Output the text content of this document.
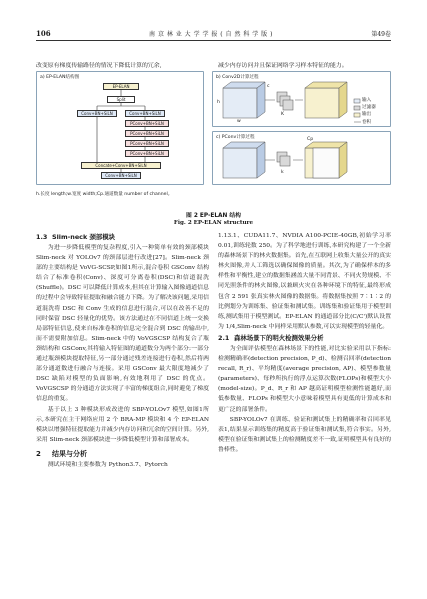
106	南 京 林 业 大 学 学 报 ( 自 然 科 学 版 )	第49卷
改变原有梯度传输路径的情况下降低计算的冗余,	减少内存访问并且保证网络学习样本特征的能力。
a) EP-ELAN结构图
EP-ELAN
Split
Conv+BN+SiLN	Conv+BN+SiLN
PConv+BN+SiLN
PConv+BN+SiLN
PConv+BN+SiLN
PConv+BN+SiLN
Concate+Conv+BN+SiLN
Conv+BN+SiLN
b) Conv2D计算过程
K
h
w
c
输入
过滤器
输出
卷积
c) PConv计算过程
k
Cp
h.长度 length;w.宽度 width;Cp.通道数量 number of channel。
图 2 EP-ELAN 结构
Fig. 2 EP-ELAN structure
1.3 Slim-neck 颈部模块

为进一步降低模型的复杂程度,引入一种简单有效的颈部模块 Slim-neck 对 YOLOv7 的颈部层进行改进[27]。Slim-neck 颈部的主要结构是 VoVG-SCSP,如图1所示,混合卷积 GSConv 结构结合了标准卷积(Conv)、深度可分离卷积(DSC)和信道混洗(Shuffle)。DSC 可以降低计算成本,但其在计算输入图像通道信息的过程中会导致特征提取和融合能力下降。为了解决该问题,采用信道混洗将 DSC 和 Conv 生成的信息进行混合,可以在改善不足的同时保留 DSC 轻量化的优势。该方法通过在不同信道上统一交换局部特征信息,使来自标准卷积的信息完全混合到 DSC 的输出中,而不需要附加信息。Slim-neck 中的 VoVGSCSP 结构复合了瓶颈结构和 GSConv,其将输入特征图的通道数分为两个部分:一部分通过瓶颈模块提取特征,另一部分通过残差连接进行卷积,然后将两部分通道数进行融合与连接。采用 GSConv 最大限度地减少了 DSC 缺陷对模型的负面影响,有效地利用了 DSC 的优点。VoVGSCSP 的分通道方法实现了丰富的梯度组合,同时避免了梯度信息的重复。

基于以上 3 种模块形成改进的 SBP-YOLOv7 模型,如图1所示,本研究在主干网络应用 2 个 BRA-MP 模块和 4 个 EP-ELAN 模块以增强特征提取能力并减少内存访问和冗余的空间计算。另外,采用 Slim-neck 颈部模块进一步降低模型计算和部署成本。

2 结果与分析

测试环境和主要参数为 Python3.7、Pytorch

1.13.1、CUDA11.7、NVDIA A100-PCIE-40GB,初始学习率 0.01,训练轮数 250。为了科学地进行训练,本研究构建了一个全新的森林场景下的林火数据集。首先,在互联网上收集大量公开的真实林火图像,并人工筛选以确保图像的质量。其次,为了确保样本的多样性和平衡性,建立的数据集涵盖大量不同背景、不同火势规模、不同光照条件的林火图像,以兼顾火灾在各种环境下的特征,最终形成包含 2 591 张真实林火图像的数据集。将数据集按照 7∶1∶2 的比例划分为训练集、验证集和测试集。训练集和验证集用于模型训练,测试集用于模型测试。EP-ELAN 的通道部分比(C/C')默认设置为 1/4,Slim-neck 中同样采用默认参数,可以实现模型的轻量化。

2.1 森林场景下的明火检测效果分析

为全面评估模型在森林场景下的性能,对比实验采用以下指标:检测精确率(detection precision, P_d)、检测召回率(detection recall, R_r)、平均精度(average precision, AP)、模型参数量(parameters)、每秒所执行的浮点运算次数(FLOPs)和模型大小(model-size)。P_d、R_r 和 AP 越高证明模型检测性能越好,而低参数量、FLOPs 和模型大小意味着模型具有更低的计算成本和更广泛的部署条件。

SBP-YOLOv7 在训练、验证和测试集上的精确率和召回率见表1,结果显示训练集的精度高于验证集和测试集,符合事实。另外,模型在验证集和测试集上的检测精度差不一致,证明模型具有良好的鲁棒性。
